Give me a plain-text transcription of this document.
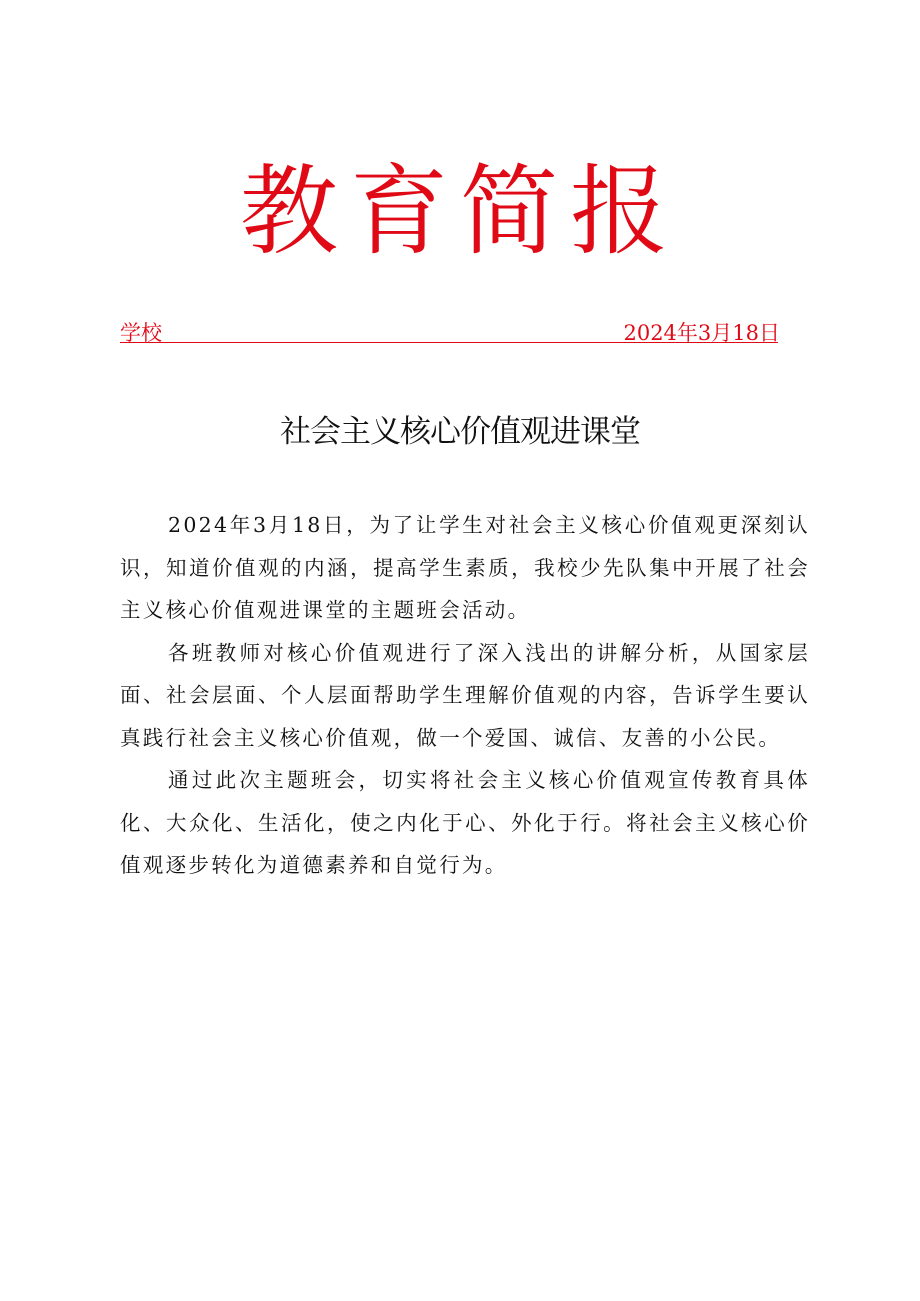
教育简报
学校	2024年3月18日
社会主义核心价值观进课堂

2024年3月18日，为了让学生对社会主义核心价值观更深刻认识，知道价值观的内涵，提高学生素质，我校少先队集中开展了社会主义核心价值观进课堂的主题班会活动。

各班教师对核心价值观进行了深入浅出的讲解分析，从国家层面、社会层面、个人层面帮助学生理解价值观的内容，告诉学生要认真践行社会主义核心价值观，做一个爱国、诚信、友善的小公民。

通过此次主题班会，切实将社会主义核心价值观宣传教育具体化、大众化、生活化，使之内化于心、外化于行。将社会主义核心价值观逐步转化为道德素养和自觉行为。
